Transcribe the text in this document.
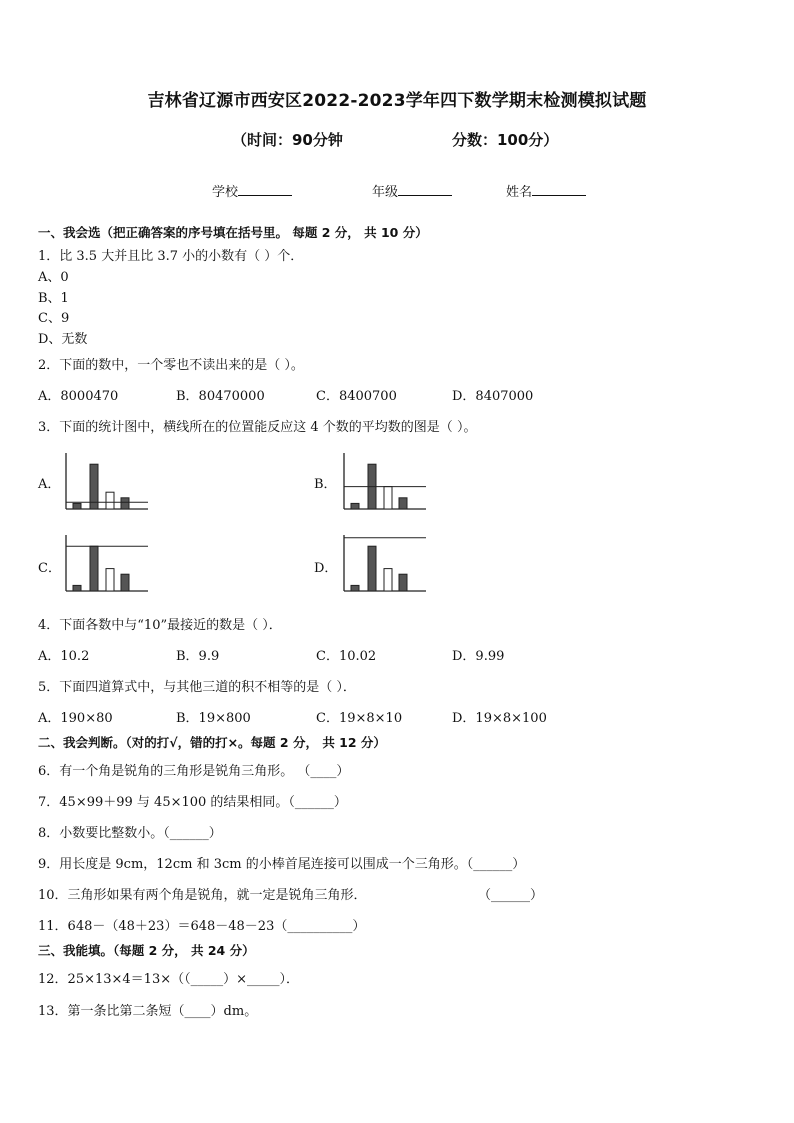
吉林省辽源市西安区2022-2023学年四下数学期末检测模拟试题
（时间：90分钟	分数：100分）
学校	年级	姓名
一、我会选（把正确答案的序号填在括号里。 每题 2 分， 共 10 分）
1．比 3.5 大并且比 3.7 小的小数有（ ）个．
A、0
B、1
C、9
D、无数
2．下面的数中，一个零也不读出来的是（ ）。
A．8000470	B．80470000	C．8400700	D．8407000
3．下面的统计图中，横线所在的位置能反应这 4 个数的平均数的图是（ ）。
A．	B．
C．	D．
4．下面各数中与“10”最接近的数是（ ）．
A．10.2	B．9.9	C．10.02	D．9.99
5．下面四道算式中，与其他三道的积不相等的是（ ）．
A．190×80	B．19×800	C．19×8×10	D．19×8×100
二、我会判断。（对的打√，错的打×。每题 2 分， 共 12 分）
6．有一个角是锐角的三角形是锐角三角形。 （____）
7．45×99＋99 与 45×100 的结果相同。（______）
8．小数要比整数小。（______）
9．用长度是 9cm，12cm 和 3cm 的小棒首尾连接可以围成一个三角形。（______）
10．三角形如果有两个角是锐角，就一定是锐角三角形．	（______）
11．648－（48＋23）＝648－48－23（__________）
三、我能填。（每题 2 分， 共 24 分）
12．25×13×4＝13×（（_____）×_____）．
13．第一条比第二条短（____）dm。
